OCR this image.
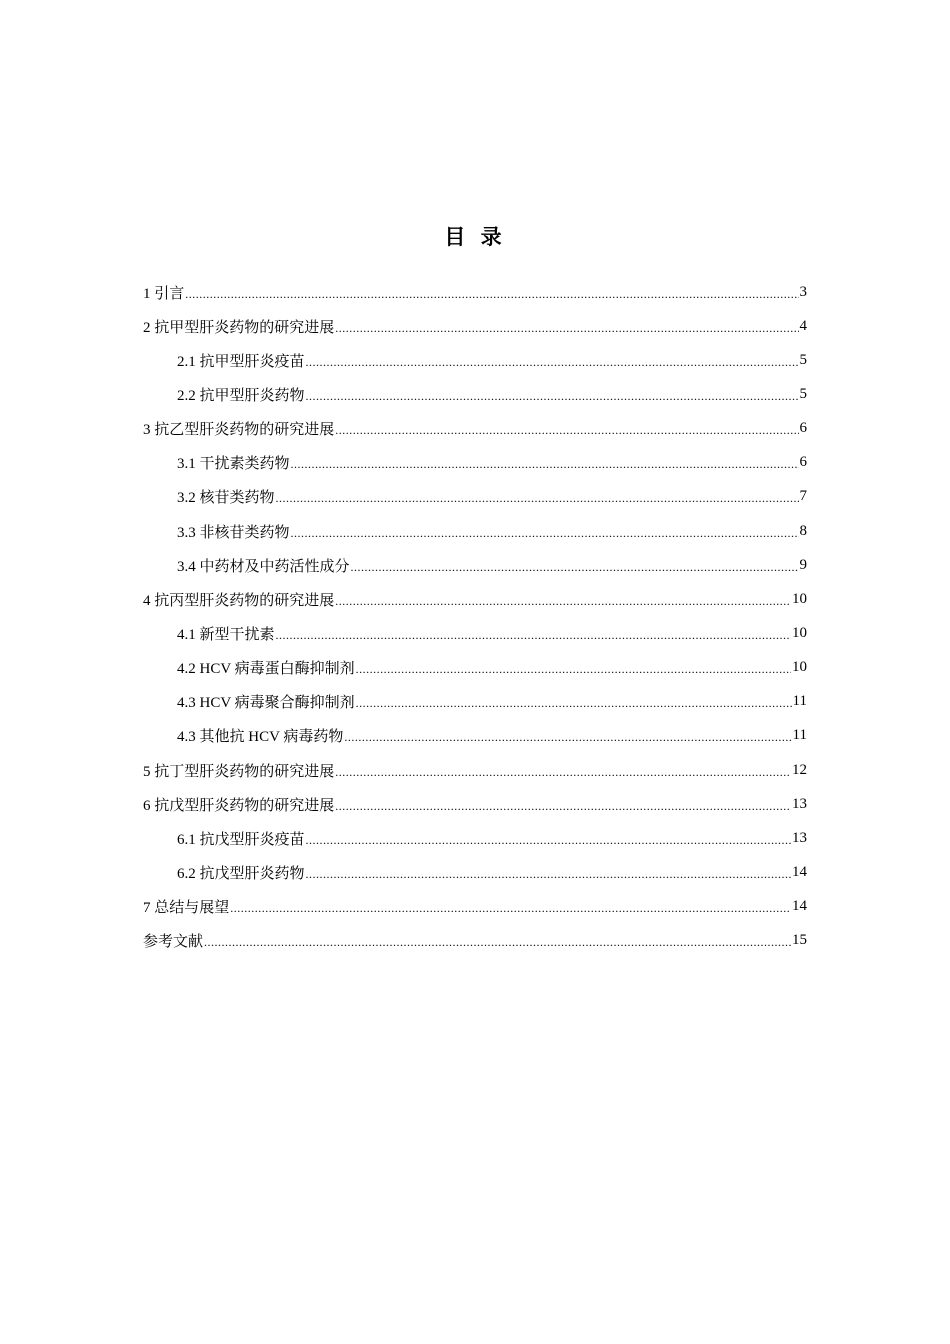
目 录
1 引言 .....	3
2 抗甲型肝炎药物的研究进展 .....	4
2.1 抗甲型肝炎疫苗 .....	5
2.2 抗甲型肝炎药物 .....	5
3 抗乙型肝炎药物的研究进展 .....	6
3.1 干扰素类药物 .....	6
3.2 核苷类药物 .....	7
3.3 非核苷类药物 .....	8
3.4 中药材及中药活性成分 .....	9
4 抗丙型肝炎药物的研究进展 .....	10
4.1 新型干扰素 .....	10
4.2 HCV 病毒蛋白酶抑制剂 .....	10
4.3 HCV 病毒聚合酶抑制剂 .....	11
4.3 其他抗 HCV 病毒药物 .....	11
5 抗丁型肝炎药物的研究进展 .....	12
6 抗戊型肝炎药物的研究进展 .....	13
6.1 抗戊型肝炎疫苗 .....	13
6.2 抗戊型肝炎药物 .....	14
7 总结与展望 .....	14
参考文献 .....	15
